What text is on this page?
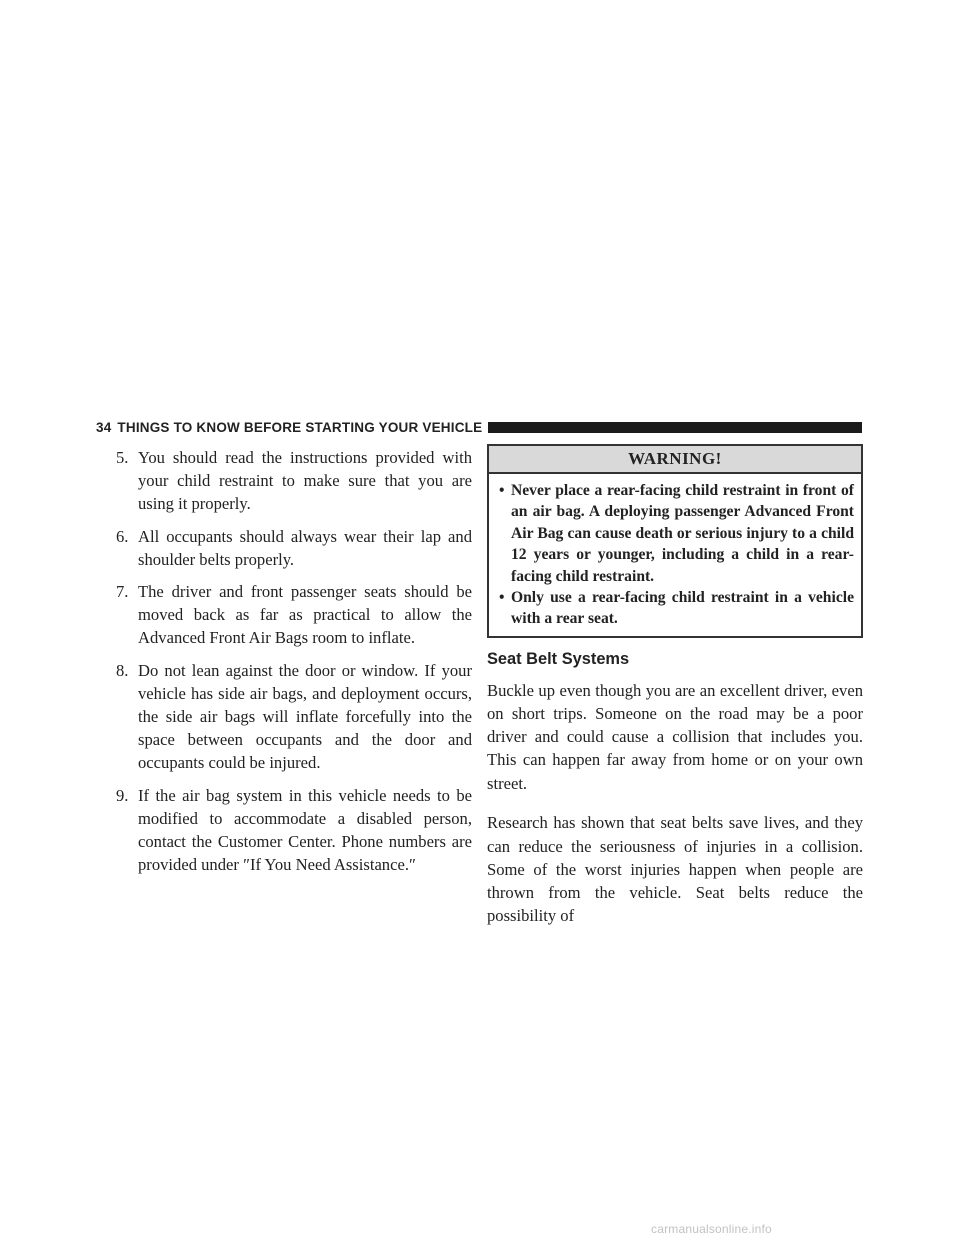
34 THINGS TO KNOW BEFORE STARTING YOUR VEHICLE
5. You should read the instructions provided with your child restraint to make sure that you are using it properly.
6. All occupants should always wear their lap and shoulder belts properly.
7. The driver and front passenger seats should be moved back as far as practical to allow the Advanced Front Air Bags room to inflate.
8. Do not lean against the door or window. If your vehicle has side air bags, and deployment occurs, the side air bags will inflate forcefully into the space between occupants and the door and occupants could be injured.
9. If the air bag system in this vehicle needs to be modified to accommodate a disabled person, contact the Customer Center. Phone numbers are provided under ″If You Need Assistance.″
WARNING!
• Never place a rear-facing child restraint in front of an air bag. A deploying passenger Advanced Front Air Bag can cause death or serious injury to a child 12 years or younger, including a child in a rear-facing child restraint.
• Only use a rear-facing child restraint in a vehicle with a rear seat.
Seat Belt Systems

Buckle up even though you are an excellent driver, even on short trips. Someone on the road may be a poor driver and could cause a collision that includes you. This can happen far away from home or on your own street.

Research has shown that seat belts save lives, and they can reduce the seriousness of injuries in a collision. Some of the worst injuries happen when people are thrown from the vehicle. Seat belts reduce the possibility of

carmanualsonline.info
